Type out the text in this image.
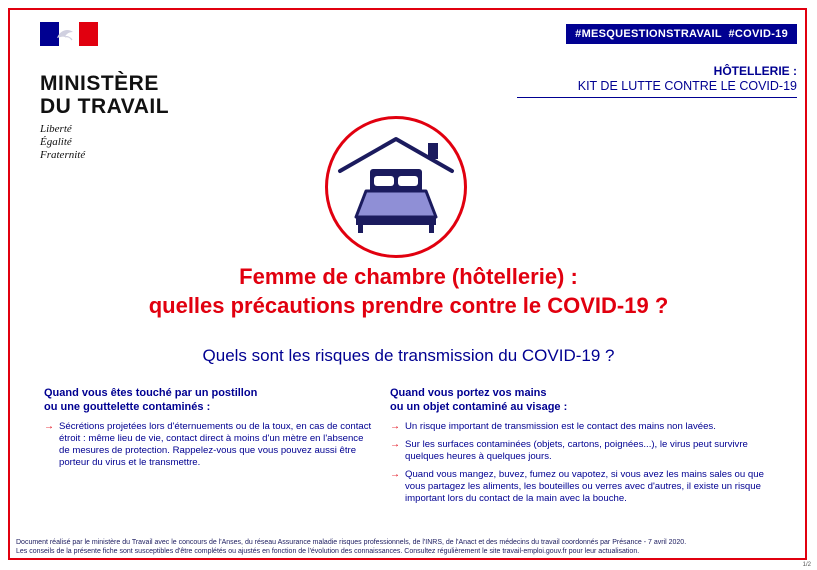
MINISTÈRE
DU TRAVAIL
Liberté
Égalité
Fraternité
#MESQUESTIONSTRAVAIL  #COVID-19
HÔTELLERIE :
KIT DE LUTTE CONTRE LE COVID-19
Femme de chambre (hôtellerie) :
quelles précautions prendre contre le COVID-19 ?
Quels sont les risques de transmission du COVID-19 ?
Quand vous êtes touché par un postillon
ou une gouttelette contaminés :
→ Sécrétions projetées lors d'éternuements ou de la toux, en cas de contact étroit : même lieu de vie, contact direct à moins d'un mètre en l'absence de mesures de protection. Rappelez-vous que vous pouvez aussi être porteur du virus et le transmettre.
Quand vous portez vos mains
ou un objet contaminé au visage :
→ Un risque important de transmission est le contact des mains non lavées.
→ Sur les surfaces contaminées (objets, cartons, poignées...), le virus peut survivre quelques heures à quelques jours.
→ Quand vous mangez, buvez, fumez ou vapotez, si vous avez les mains sales ou que vous partagez les aliments, les bouteilles ou verres avec d'autres, il existe un risque important lors du contact de la main avec la bouche.
Document réalisé par le ministère du Travail avec le concours de l'Anses, du réseau Assurance maladie risques professionnels, de l'INRS, de l'Anact et des médecins du travail coordonnés par Présance - 7 avril 2020.
Les conseils de la présente fiche sont susceptibles d'être complétés ou ajustés en fonction de l'évolution des connaissances. Consultez régulièrement le site travail-emploi.gouv.fr pour leur actualisation.
1/2
